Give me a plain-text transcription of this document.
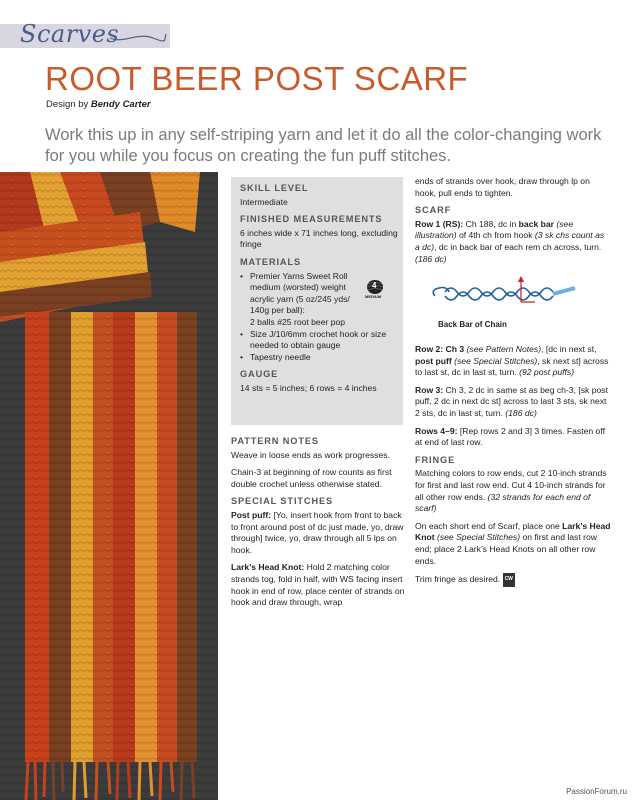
Scarves
ROOT BEER POST SCARF
Design by Bendy Carter
Work this up in any self-striping yarn and let it do all the color-changing work for you while you focus on creating the fun puff stitches.
SKILL LEVEL

Intermediate

FINISHED MEASUREMENTS

6 inches wide x 71 inches long, excluding fringe

MATERIALS
• Premier Yarns Sweet Roll medium (worsted) weight acrylic yarn (5 oz/245 yds/ 140g per ball):
2 balls #25 root beer pop
• Size J/10/6mm crochet hook or size needed to obtain gauge
• Tapestry needle
GAUGE

14 sts = 5 inches; 6 rows = 4 inches

4
MEDIUM
PATTERN NOTES

Weave in loose ends as work progresses.

Chain-3 at beginning of row counts as first double crochet unless otherwise stated.

SPECIAL STITCHES

Post puff: [Yo, insert hook from front to back to front around post of dc just made, yo, draw through] twice, yo, draw through all 5 lps on hook.

Lark’s Head Knot: Hold 2 matching color strands tog, fold in half, with WS facing insert hook in end of row, place center of strands on hook and draw through, wrap

ends of strands over hook, draw through lp on hook, pull ends to tighten.

SCARF

Row 1 (RS): Ch 188, dc in back bar (see illustration) of 4th ch from hook (3 sk chs count as a dc), dc in back bar of each rem ch across, turn. (186 dc)

Back Bar of Chain

Row 2: Ch 3 (see Pattern Notes), [dc in next st, post puff (see Special Stitches), sk next st] across to last st, dc in last st, turn. (92 post puffs)

Row 3: Ch 3, 2 dc in same st as beg ch-3, [sk post puff, 2 dc in next dc st] across to last 3 sts, sk next 2 sts, dc in last st, turn. (186 dc)

Rows 4–9: [Rep rows 2 and 3] 3 times. Fasten off at end of last row.

FRINGE

Matching colors to row ends, cut 2 10-inch strands for first and last row end. Cut 4 10-inch strands for all other row ends. (32 strands for each end of scarf)

On each short end of Scarf, place one Lark’s Head Knot (see Special Stitches) on first and last row end; place 2 Lark’s Head Knots on all other row ends.

Trim fringe as desired. CW

PassionForum.ru
